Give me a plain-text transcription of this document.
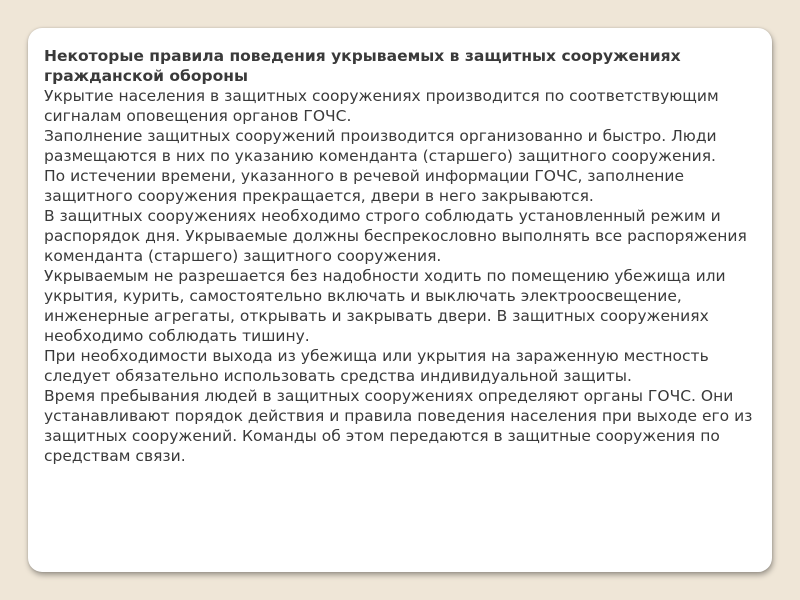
Некоторые правила поведения укрываемых в защитных сооружениях гражданской обороны

Укрытие населения в защитных сооружениях производится по соответствующим сигналам оповещения органов ГОЧС.

Заполнение защитных сооружений производится организованно и быстро. Люди размещаются в них по указанию коменданта (старшего) защитного сооружения.

По истечении времени, указанного в речевой информации ГОЧС, заполнение защитного сооружения прекращается, двери в него закрываются.

В защитных сооружениях необходимо строго соблюдать установленный режим и распорядок дня. Укрываемые должны беспрекословно выполнять все распоряжения коменданта (старшего) защитного сооружения.

Укрываемым не разрешается без надобности ходить по помещению убежища или укрытия, курить, самостоятельно включать и выключать электроосвещение, инженерные агрегаты, открывать и закрывать двери. В защитных сооружениях необходимо соблюдать тишину.

При необходимости выхода из убежища или укрытия на зараженную местность следует обязательно использовать средства индивидуальной защиты.

Время пребывания людей в защитных сооружениях определяют органы ГОЧС. Они устанавливают порядок действия и правила поведения населения при выходе его из защитных сооружений. Команды об этом передаются в защитные сооружения по средствам связи.
